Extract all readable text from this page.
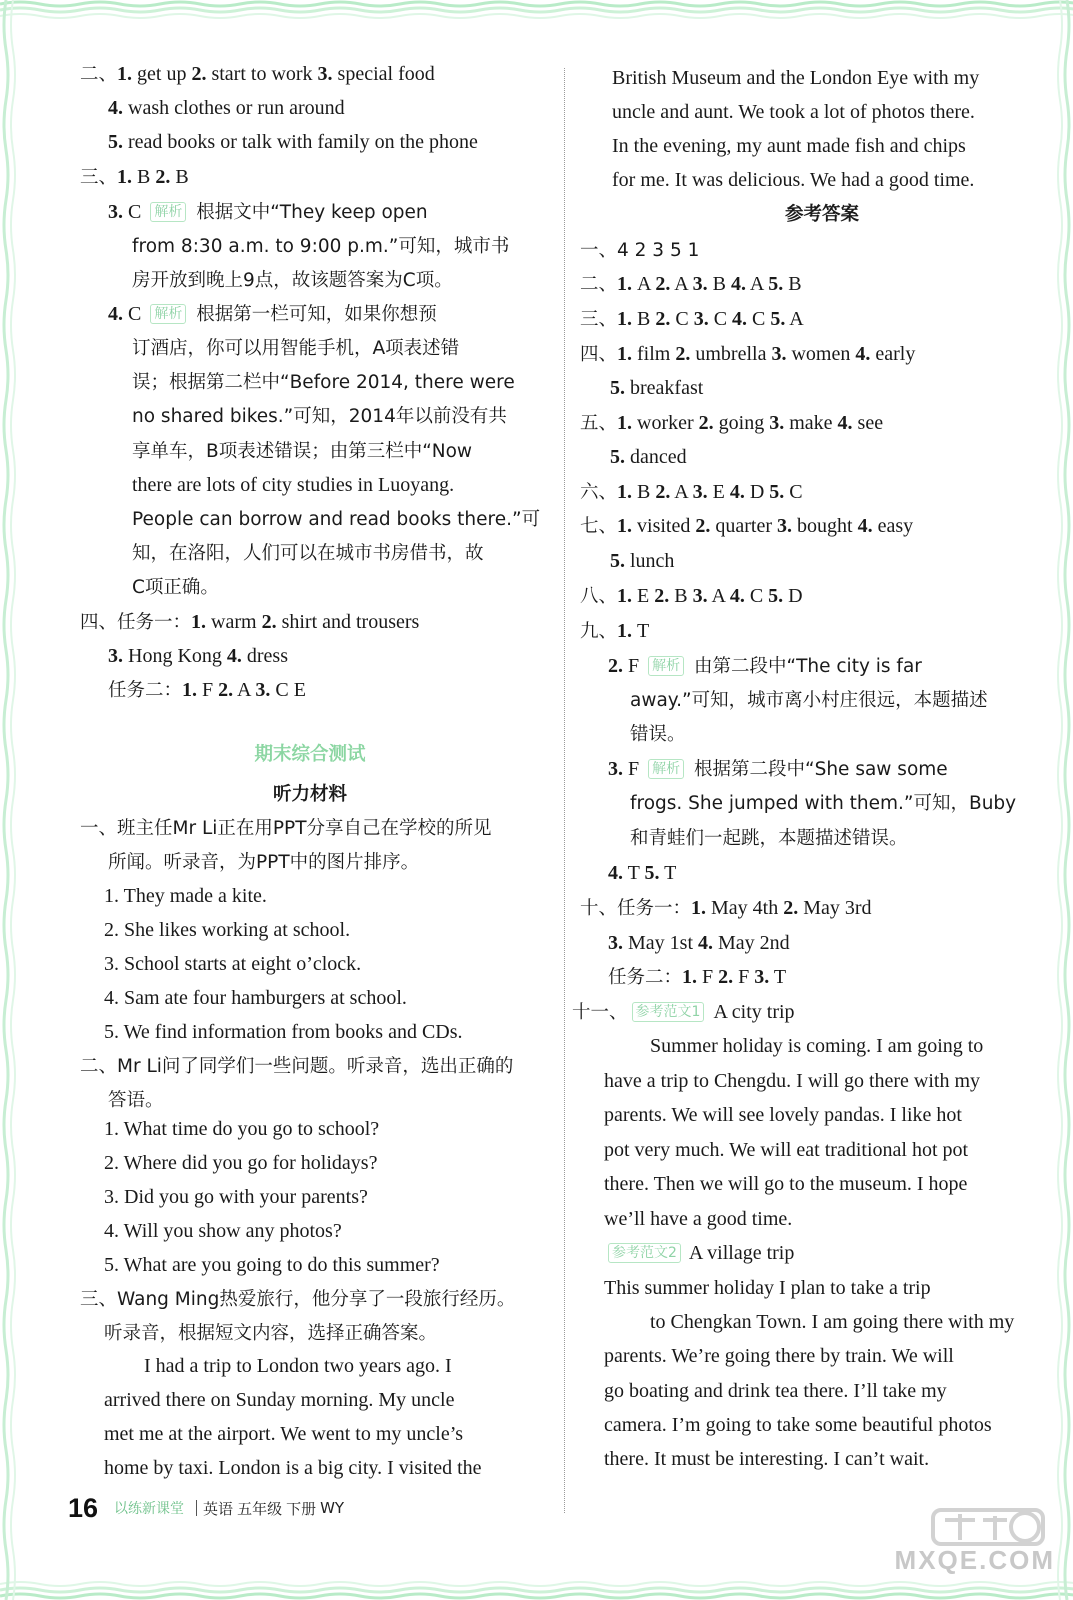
二、1. get up 2. start to work 3. special food
4. wash clothes or run around
5. read books or talk with family on the phone
三、1. B 2. B
3. C 解析 根据文中“They keep open
from 8:30 a.m. to 9:00 p.m.”可知，城市书
房开放到晚上9点，故该题答案为C项。
4. C 解析 根据第一栏可知，如果你想预
订酒店，你可以用智能手机，A项表述错
误；根据第二栏中“Before 2014, there were
no shared bikes.”可知，2014年以前没有共
享单车，B项表述错误；由第三栏中“Now
there are lots of city studies in Luoyang.
People can borrow and read books there.”可
知，在洛阳，人们可以在城市书房借书，故
C项正确。
四、任务一：1. warm 2. shirt and trousers
3. Hong Kong 4. dress
任务二：1. F 2. A 3. C E
期末综合测试
听力材料
一、班主任Mr Li正在用PPT分享自己在学校的所见
所闻。听录音，为PPT中的图片排序。
1. They made a kite.
2. She likes working at school.
3. School starts at eight o’clock.
4. Sam ate four hamburgers at school.
5. We find information from books and CDs.
二、Mr Li问了同学们一些问题。听录音，选出正确的
答语。
1. What time do you go to school?
2. Where did you go for holidays?
3. Did you go with your parents?
4. Will you show any photos?
5. What are you going to do this summer?
三、Wang Ming热爱旅行，他分享了一段旅行经历。
听录音，根据短文内容，选择正确答案。
I had a trip to London two years ago. I
arrived there on Sunday morning. My uncle
met me at the airport. We went to my uncle’s
home by taxi. London is a big city. I visited the
British Museum and the London Eye with my
uncle and aunt. We took a lot of photos there.
In the evening, my aunt made fish and chips
for me. It was delicious. We had a good time.
参考答案
一、4 2 3 5 1
二、1. A 2. A 3. B 4. A 5. B
三、1. B 2. C 3. C 4. C 5. A
四、1. film 2. umbrella 3. women 4. early
5. breakfast
五、1. worker 2. going 3. make 4. see
5. danced
六、1. B 2. A 3. E 4. D 5. C
七、1. visited 2. quarter 3. bought 4. easy
5. lunch
八、1. E 2. B 3. A 4. C 5. D
九、1. T
2. F 解析 由第二段中“The city is far
away.”可知，城市离小村庄很远，本题描述
错误。
3. F 解析 根据第二段中“She saw some
frogs. She jumped with them.”可知，Buby
和青蛙们一起跳，本题描述错误。
4. T 5. T
十、任务一：1. May 4th 2. May 3rd
3. May 1st 4. May 2nd
任务二：1. F 2. F 3. T
十一、 参考范文1 A city trip
Summer holiday is coming. I am going to
have a trip to Chengdu. I will go there with my
parents. We will see lovely pandas. I like hot
pot very much. We will eat traditional hot pot
there. Then we will go to the museum. I hope
we’ll have a good time.
参考范文2 A village trip
This summer holiday I plan to take a trip
to Chengkan Town. I am going there with my
parents. We’re going there by train. We will
go boating and drink tea there. I’ll take my
camera. I’m going to take some beautiful photos
there. It must be interesting. I can’t wait.
16 以练新课堂 英语
五年级
下册
WY
MXQE.COM
